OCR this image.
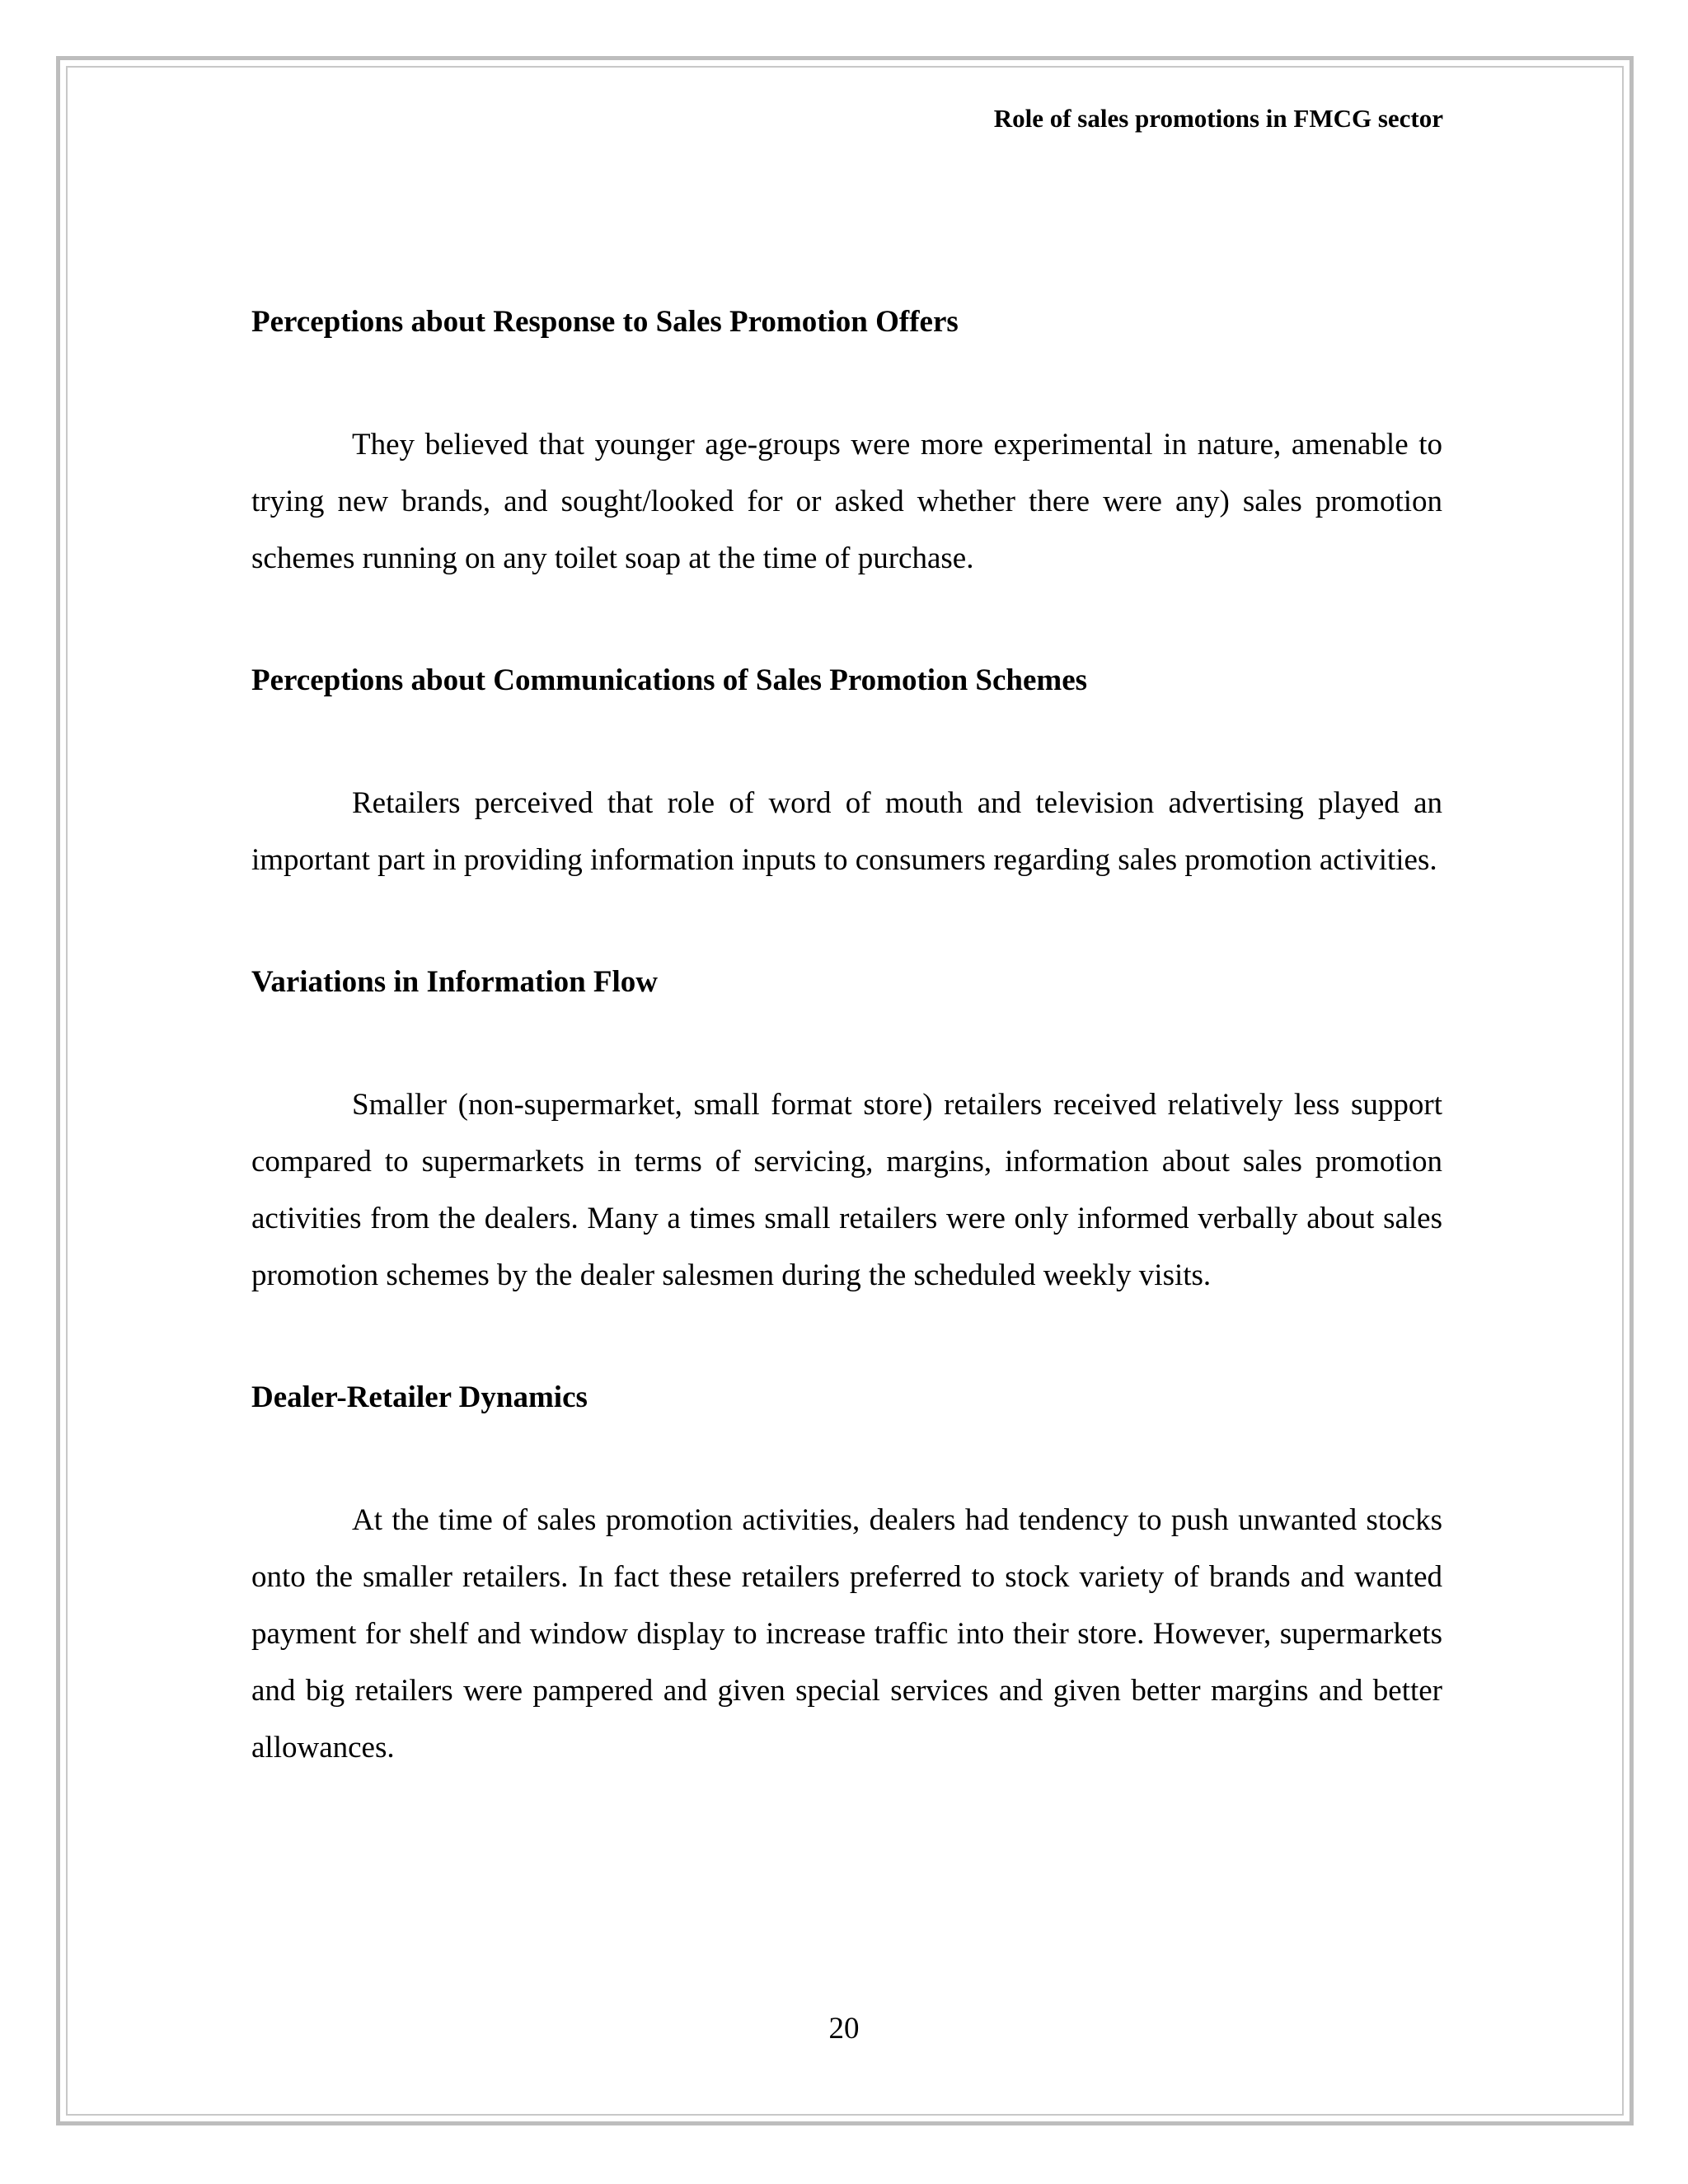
Role of sales promotions in FMCG sector
Perceptions about Response to Sales Promotion Offers

They believed that younger age-groups were more experimental in nature, amenable to trying new brands, and sought/looked for or asked whether there were any) sales promotion schemes running on any toilet soap at the time of purchase.

Perceptions about Communications of Sales Promotion Schemes

Retailers perceived that role of word of mouth and television advertising played an important part in providing information inputs to consumers regarding sales promotion activities.

Variations in Information Flow

Smaller (non-supermarket, small format store) retailers received relatively less support compared to supermarkets in terms of servicing, margins, information about sales promotion activities from the dealers. Many a times small retailers were only informed verbally about sales promotion schemes by the dealer salesmen during the scheduled weekly visits.

Dealer-Retailer Dynamics

At the time of sales promotion activities, dealers had tendency to push unwanted stocks onto the smaller retailers. In fact these retailers preferred to stock variety of brands and wanted payment for shelf and window display to increase traffic into their store. However, supermarkets and big retailers were pampered and given special services and given better margins and better allowances.

20
